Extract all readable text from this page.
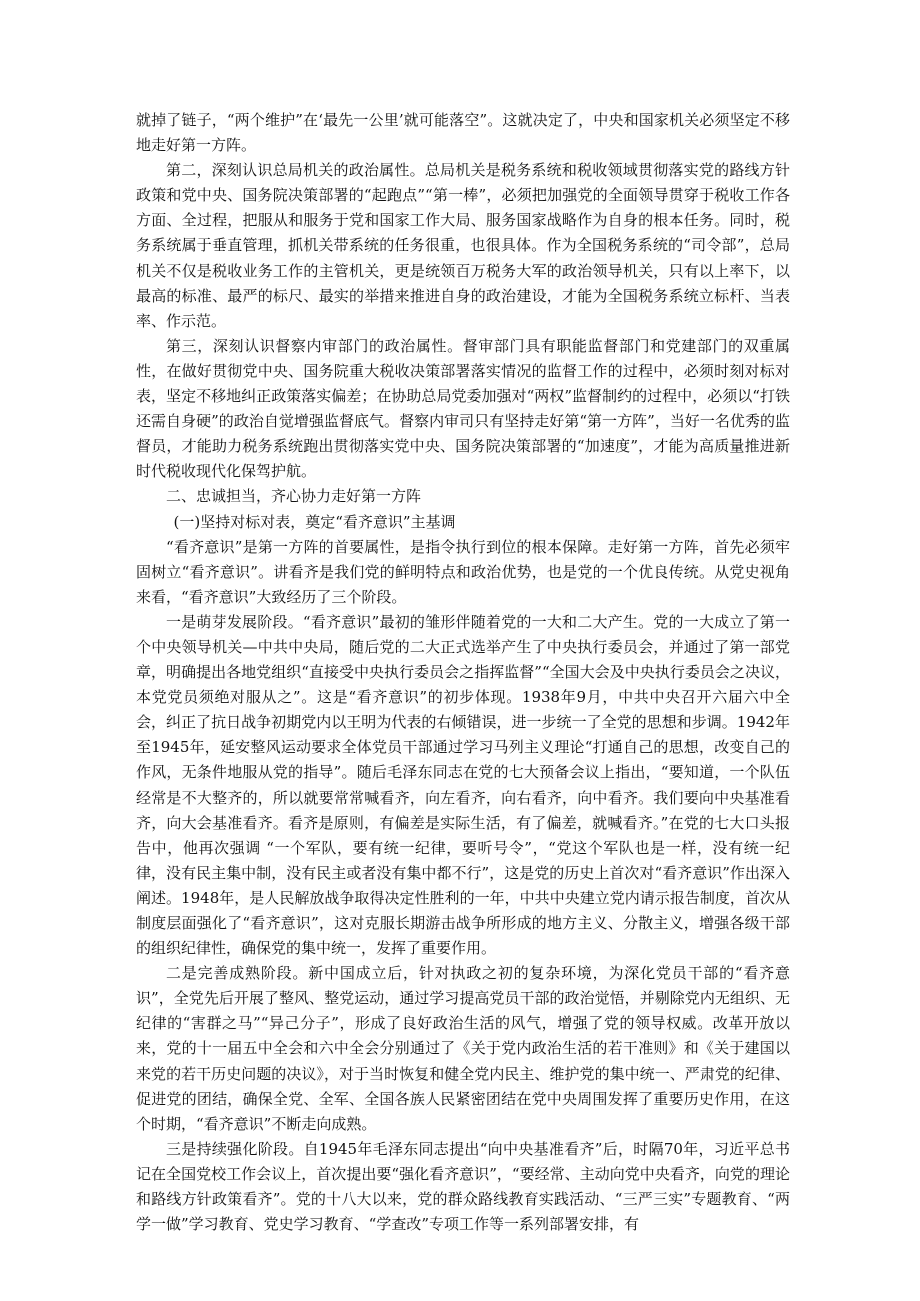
就掉了链子，“两个维护”在‘最先一公里’就可能落空”。这就决定了，中央和国家机关必须坚定不移地走好第一方阵。

第二，深刻认识总局机关的政治属性。总局机关是税务系统和税收领域贯彻落实党的路线方针政策和党中央、国务院决策部署的“起跑点”“第一棒”，必须把加强党的全面领导贯穿于税收工作各方面、全过程，把服从和服务于党和国家工作大局、服务国家战略作为自身的根本任务。同时，税务系统属于垂直管理，抓机关带系统的任务很重，也很具体。作为全国税务系统的“司令部”，总局机关不仅是税收业务工作的主管机关，更是统领百万税务大军的政治领导机关，只有以上率下，以最高的标准、最严的标尺、最实的举措来推进自身的政治建设，才能为全国税务系统立标杆、当表率、作示范。

第三，深刻认识督察内审部门的政治属性。督审部门具有职能监督部门和党建部门的双重属性，在做好贯彻党中央、国务院重大税收决策部署落实情况的监督工作的过程中，必须时刻对标对表，坚定不移地纠正政策落实偏差；在协助总局党委加强对“两权”监督制约的过程中，必须以“打铁还需自身硬”的政治自觉增强监督底气。督察内审司只有坚持走好第“第一方阵”，当好一名优秀的监督员，才能助力税务系统跑出贯彻落实党中央、国务院决策部署的“加速度”，才能为高质量推进新时代税收现代化保驾护航。

二、忠诚担当，齐心协力走好第一方阵

(一)坚持对标对表，奠定“看齐意识”主基调

“看齐意识”是第一方阵的首要属性，是指令执行到位的根本保障。走好第一方阵，首先必须牢固树立“看齐意识”。讲看齐是我们党的鲜明特点和政治优势，也是党的一个优良传统。从党史视角来看，“看齐意识”大致经历了三个阶段。

一是萌芽发展阶段。“看齐意识”最初的雏形伴随着党的一大和二大产生。党的一大成立了第一个中央领导机关—中共中央局，随后党的二大正式选举产生了中央执行委员会，并通过了第一部党章，明确提出各地党组织“直接受中央执行委员会之指挥监督”“全国大会及中央执行委员会之决议，本党党员须绝对服从之”。这是“看齐意识”的初步体现。1938年9月，中共中央召开六届六中全会，纠正了抗日战争初期党内以王明为代表的右倾错误，进一步统一了全党的思想和步调。1942年至1945年，延安整风运动要求全体党员干部通过学习马列主义理论“打通自己的思想，改变自己的作风，无条件地服从党的指导”。随后毛泽东同志在党的七大预备会议上指出，“要知道，一个队伍经常是不大整齐的，所以就要常常喊看齐，向左看齐，向右看齐，向中看齐。我们要向中央基准看齐，向大会基准看齐。看齐是原则，有偏差是实际生活，有了偏差，就喊看齐。”在党的七大口头报告中，他再次强调 “一个军队，要有统一纪律，要听号令”，“党这个军队也是一样，没有统一纪律，没有民主集中制，没有民主或者没有集中都不行”，这是党的历史上首次对“看齐意识”作出深入阐述。1948年，是人民解放战争取得决定性胜利的一年，中共中央建立党内请示报告制度，首次从制度层面强化了“看齐意识”，这对克服长期游击战争所形成的地方主义、分散主义，增强各级干部的组织纪律性，确保党的集中统一，发挥了重要作用。

二是完善成熟阶段。新中国成立后，针对执政之初的复杂环境，为深化党员干部的“看齐意识”，全党先后开展了整风、整党运动，通过学习提高党员干部的政治觉悟，并剔除党内无组织、无纪律的“害群之马”“异己分子”，形成了良好政治生活的风气，增强了党的领导权威。改革开放以来，党的十一届五中全会和六中全会分别通过了《关于党内政治生活的若干准则》和《关于建国以来党的若干历史问题的决议》，对于当时恢复和健全党内民主、维护党的集中统一、严肃党的纪律、促进党的团结，确保全党、全军、全国各族人民紧密团结在党中央周围发挥了重要历史作用，在这个时期，“看齐意识”不断走向成熟。

三是持续强化阶段。自1945年毛泽东同志提出“向中央基准看齐”后，时隔70年，习近平总书记在全国党校工作会议上，首次提出要“强化看齐意识”，“要经常、主动向党中央看齐，向党的理论和路线方针政策看齐”。党的十八大以来，党的群众路线教育实践活动、“三严三实”专题教育、“两学一做”学习教育、党史学习教育、“学查改”专项工作等一系列部署安排，有
